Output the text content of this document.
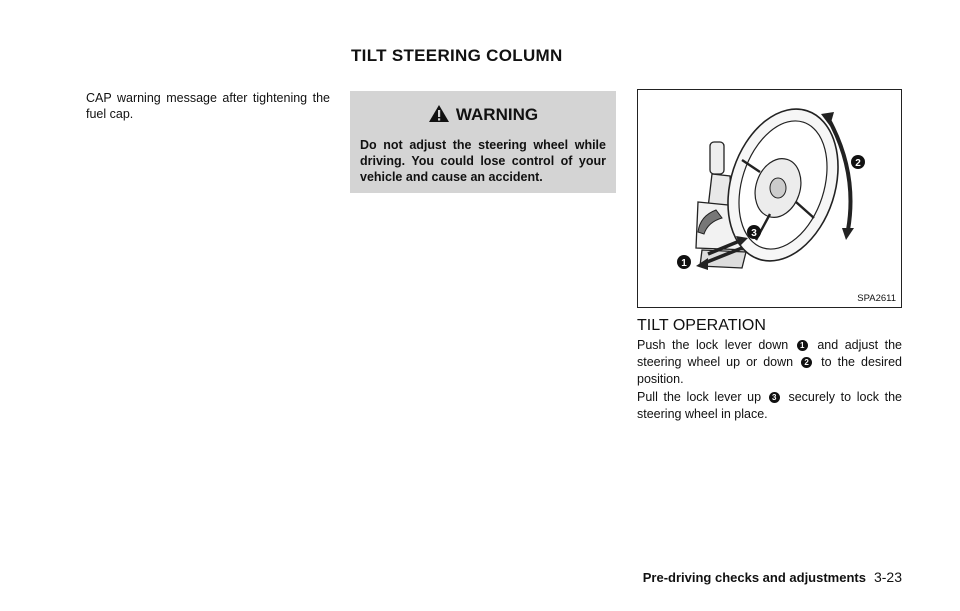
TILT STEERING COLUMN
CAP warning message after tightening the fuel cap.	WARNING
Do not adjust the steering wheel while driving. You could lose control of your vehicle and cause an accident.
1
2
3
SPA2611
TILT OPERATION
Push the lock lever down 1 and adjust the steering wheel up or down 2 to the desired position.
Pull the lock lever up 3 securely to lock the steering wheel in place.
Pre-driving checks and adjustments 3-23
